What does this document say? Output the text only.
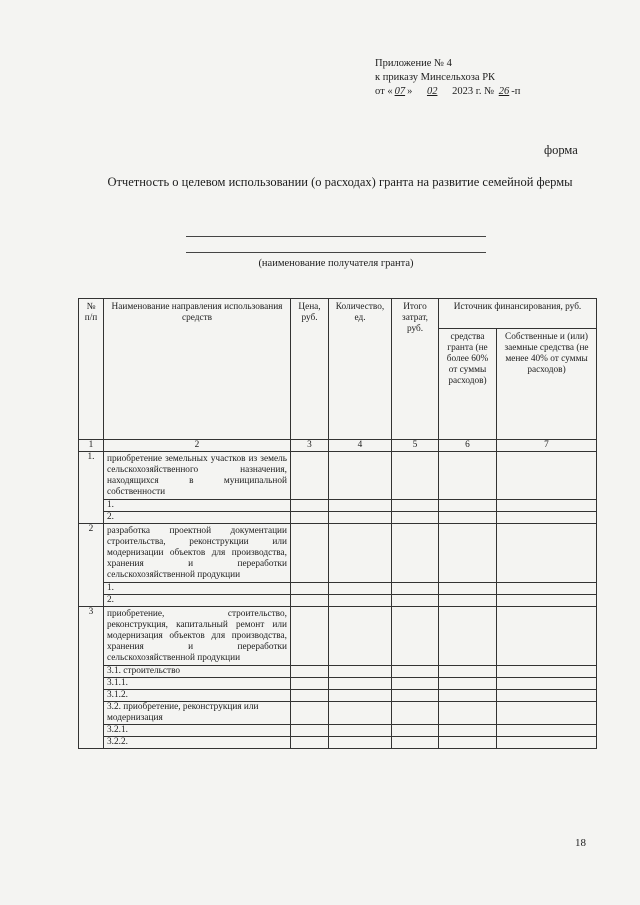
Приложение № 4
к приказу Минсельхоза РК
от « 07 » 02 2023 г. № 26 -п
форма
Отчетность о целевом использовании (о расходах) гранта на развитие семейной фермы
(наименование получателя гранта)
№ п/п	Наименование направления использования средств	Цена, руб.	Количество, ед.	Итого затрат, руб.	Источник финансирования, руб.	
					средства гранта (не более 60% от суммы расходов)	Собственные и (или) заемные средства (не менее 40% от суммы расходов)
1	2	3	4	5	6	7
1.	приобретение земельных участков из земель сельскохозяйственного назначения, находящихся в муниципальной собственности					
	1.					
	2.					
2	разработка проектной документации строительства, реконструкции или модернизации объектов для производства, хранения и переработки сельскохозяйственной продукции					
	1.					
	2.					
3	приобретение, строительство, реконструкция, капитальный ремонт или модернизация объектов для производства, хранения и переработки сельскохозяйственной продукции					
	3.1. строительство					
	3.1.1.					
	3.1.2.					
	3.2. приобретение, реконструкция или модернизация					
	3.2.1.					
	3.2.2.					
18
